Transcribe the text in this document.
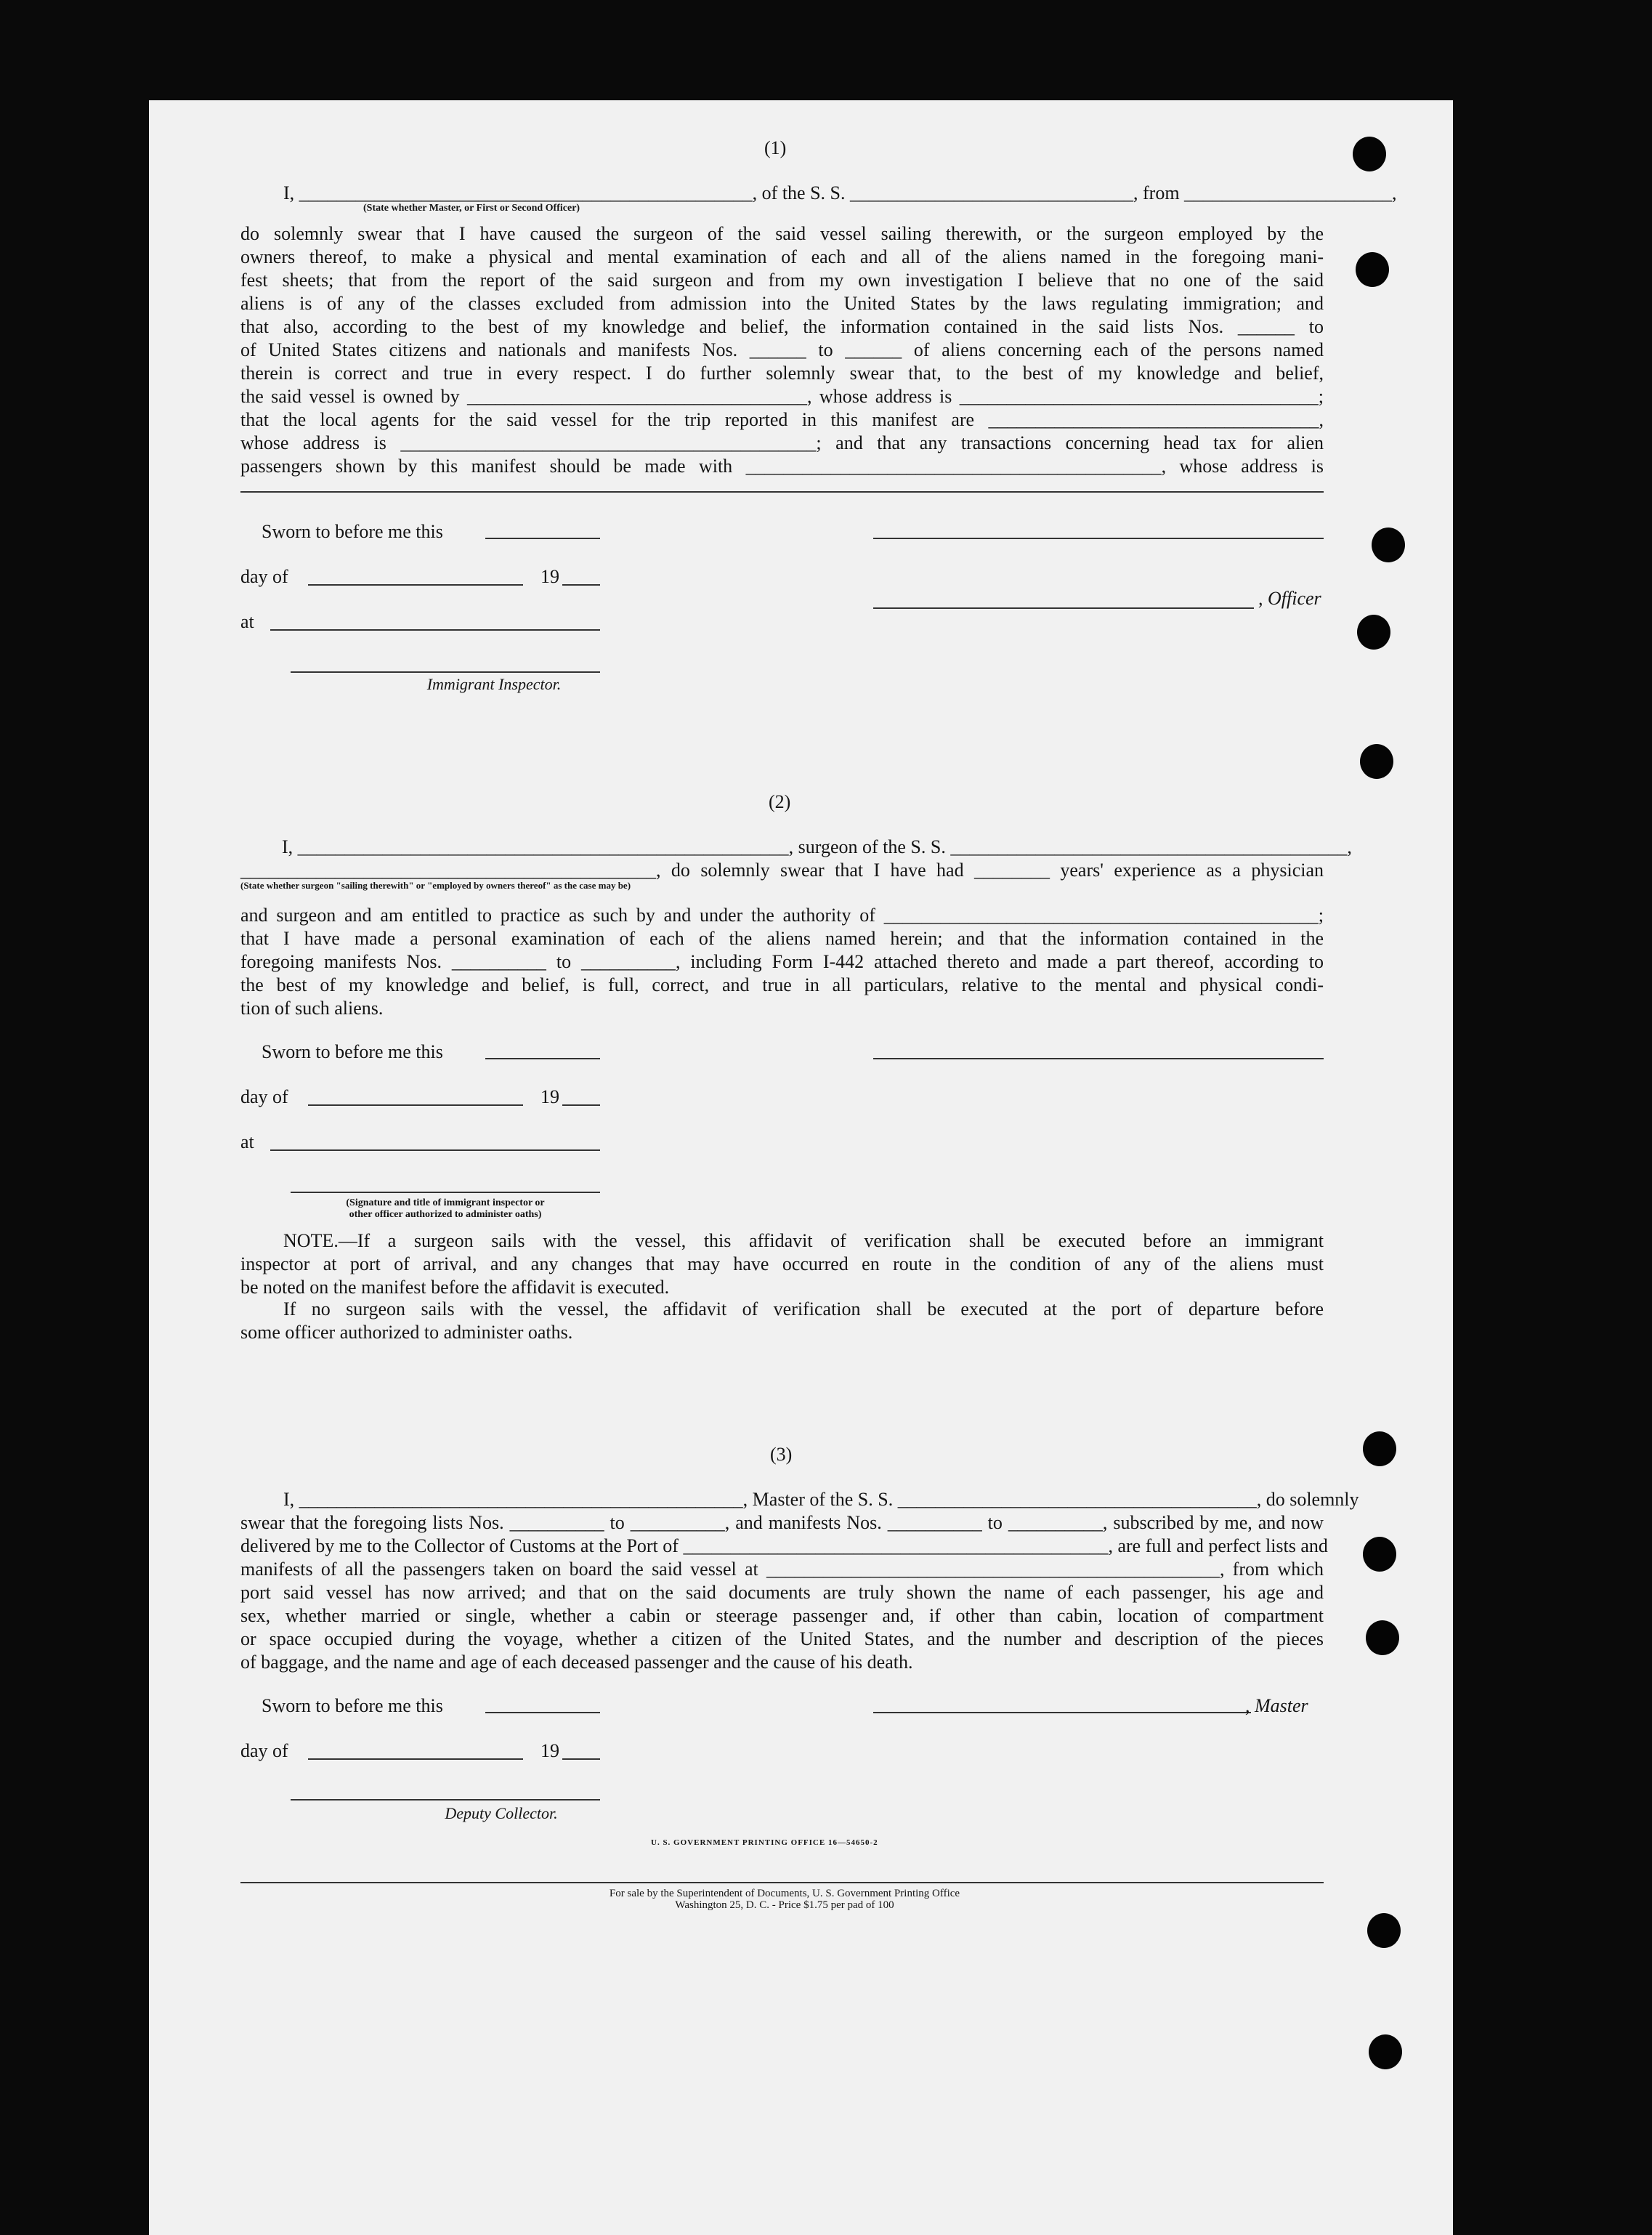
(1)
I, ________________________________________________, of the S. S. ______________________________, from ______________________,
(State whether Master, or First or Second Officer)
do solemnly swear that I have caused the surgeon of the said vessel sailing therewith, or the surgeon employed by the
owners thereof, to make a physical and mental examination of each and all of the aliens named in the foregoing mani-
fest sheets; that from the report of the said surgeon and from my own investigation I believe that no one of the said
aliens is of any of the classes excluded from admission into the United States by the laws regulating immigration; and
that also, according to the best of my knowledge and belief, the information contained in the said lists Nos. ______ to
of United States citizens and nationals and manifests Nos. ______ to ______ of aliens concerning each of the persons named
therein is correct and true in every respect. I do further solemnly swear that, to the best of my knowledge and belief,
the said vessel is owned by ____________________________________, whose address is ______________________________________;
that the local agents for the said vessel for the trip reported in this manifest are ___________________________________,
whose address is ____________________________________________; and that any transactions concerning head tax for alien
passengers shown by this manifest should be made with ____________________________________________, whose address is
Sworn to before me this
day of	19
, Officer
at
Immigrant Inspector.
(2)
I, ____________________________________________________, surgeon of the S. S. __________________________________________,
____________________________________________, do solemnly swear that I have had ________ years' experience as a physician
(State whether surgeon "sailing therewith" or "employed by owners thereof" as the case may be)
and surgeon and am entitled to practice as such by and under the authority of ______________________________________________;
that I have made a personal examination of each of the aliens named herein; and that the information contained in the
foregoing manifests Nos. __________ to __________, including Form I-442 attached thereto and made a part thereof, according to
the best of my knowledge and belief, is full, correct, and true in all particulars, relative to the mental and physical condi-
tion of such aliens.
Sworn to before me this
day of	19
at
(Signature and title of immigrant inspector or
other officer authorized to administer oaths)
NOTE.—If a surgeon sails with the vessel, this affidavit of verification shall be executed before an immigrant
inspector at port of arrival, and any changes that may have occurred en route in the condition of any of the aliens must
be noted on the manifest before the affidavit is executed.
If no surgeon sails with the vessel, the affidavit of verification shall be executed at the port of departure before
some officer authorized to administer oaths.
(3)
I, _______________________________________________, Master of the S. S. ______________________________________, do solemnly
swear that the foregoing lists Nos. __________ to __________, and manifests Nos. __________ to __________, subscribed by me, and now
delivered by me to the Collector of Customs at the Port of _____________________________________________, are full and perfect lists and
manifests of all the passengers taken on board the said vessel at ________________________________________________, from which
port said vessel has now arrived; and that on the said documents are truly shown the name of each passenger, his age and
sex, whether married or single, whether a cabin or steerage passenger and, if other than cabin, location of compartment
or space occupied during the voyage, whether a citizen of the United States, and the number and description of the pieces
of baggage, and the name and age of each deceased passenger and the cause of his death.
Sworn to before me this	, Master
day of	19
Deputy Collector.
U. S. GOVERNMENT PRINTING OFFICE 16—54650-2
For sale by the Superintendent of Documents, U. S. Government Printing Office
Washington 25, D. C. - Price $1.75 per pad of 100
